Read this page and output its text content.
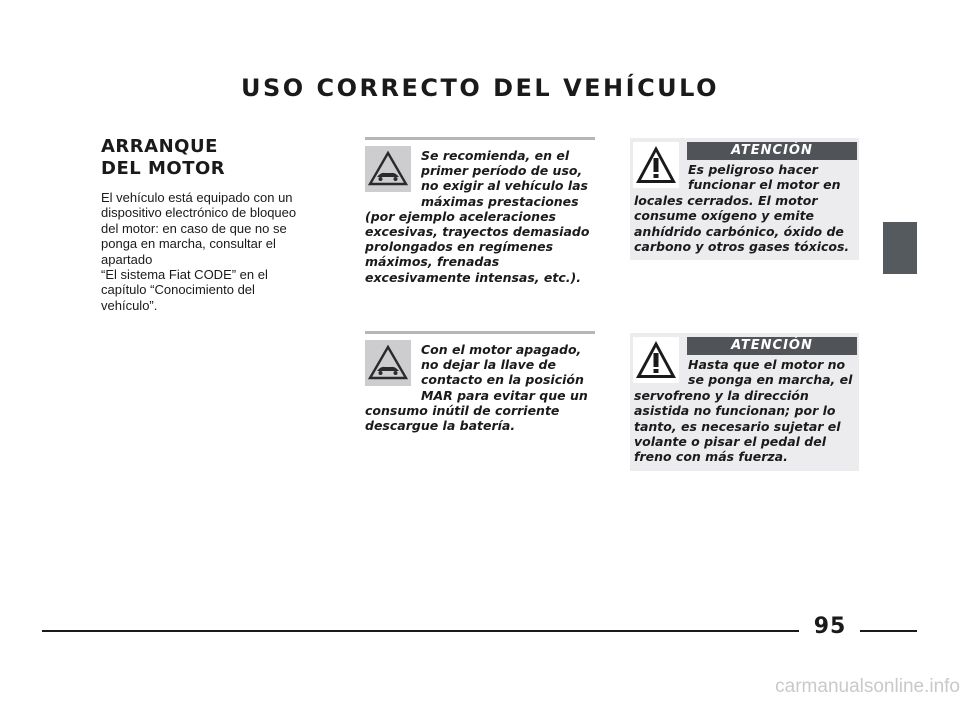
USO CORRECTO DEL VEHÍCULO
ARRANQUE
DEL MOTOR

El vehículo está equipado con un

dispositivo electrónico de bloqueo

del motor: en caso de que no se

ponga en marcha, consultar el

apartado

“El sistema Fiat CODE” en el

capítulo “Conocimiento del

vehículo”.

Se recomienda, en el primer período de uso, no exigir al vehículo las máximas prestaciones (por ejemplo aceleraciones excesivas, trayectos demasiado prolongados en regímenes máximos, frenadas excesivamente intensas, etc.).

Con el motor apagado, no dejar la llave de contacto en la posición MAR para evitar que un consumo inútil de corriente descargue la batería.

ATENCIÓN

Es peligroso hacer funcionar el motor en locales cerrados. El motor consume oxígeno y emite anhídrido carbónico, óxido de carbono y otros gases tóxicos.

ATENCIÓN

Hasta que el motor no se ponga en marcha, el servofreno y la dirección asistida no funcionan; por lo tanto, es necesario sujetar el volante o pisar el pedal del freno con más fuerza.

95
carmanualsonline.info
